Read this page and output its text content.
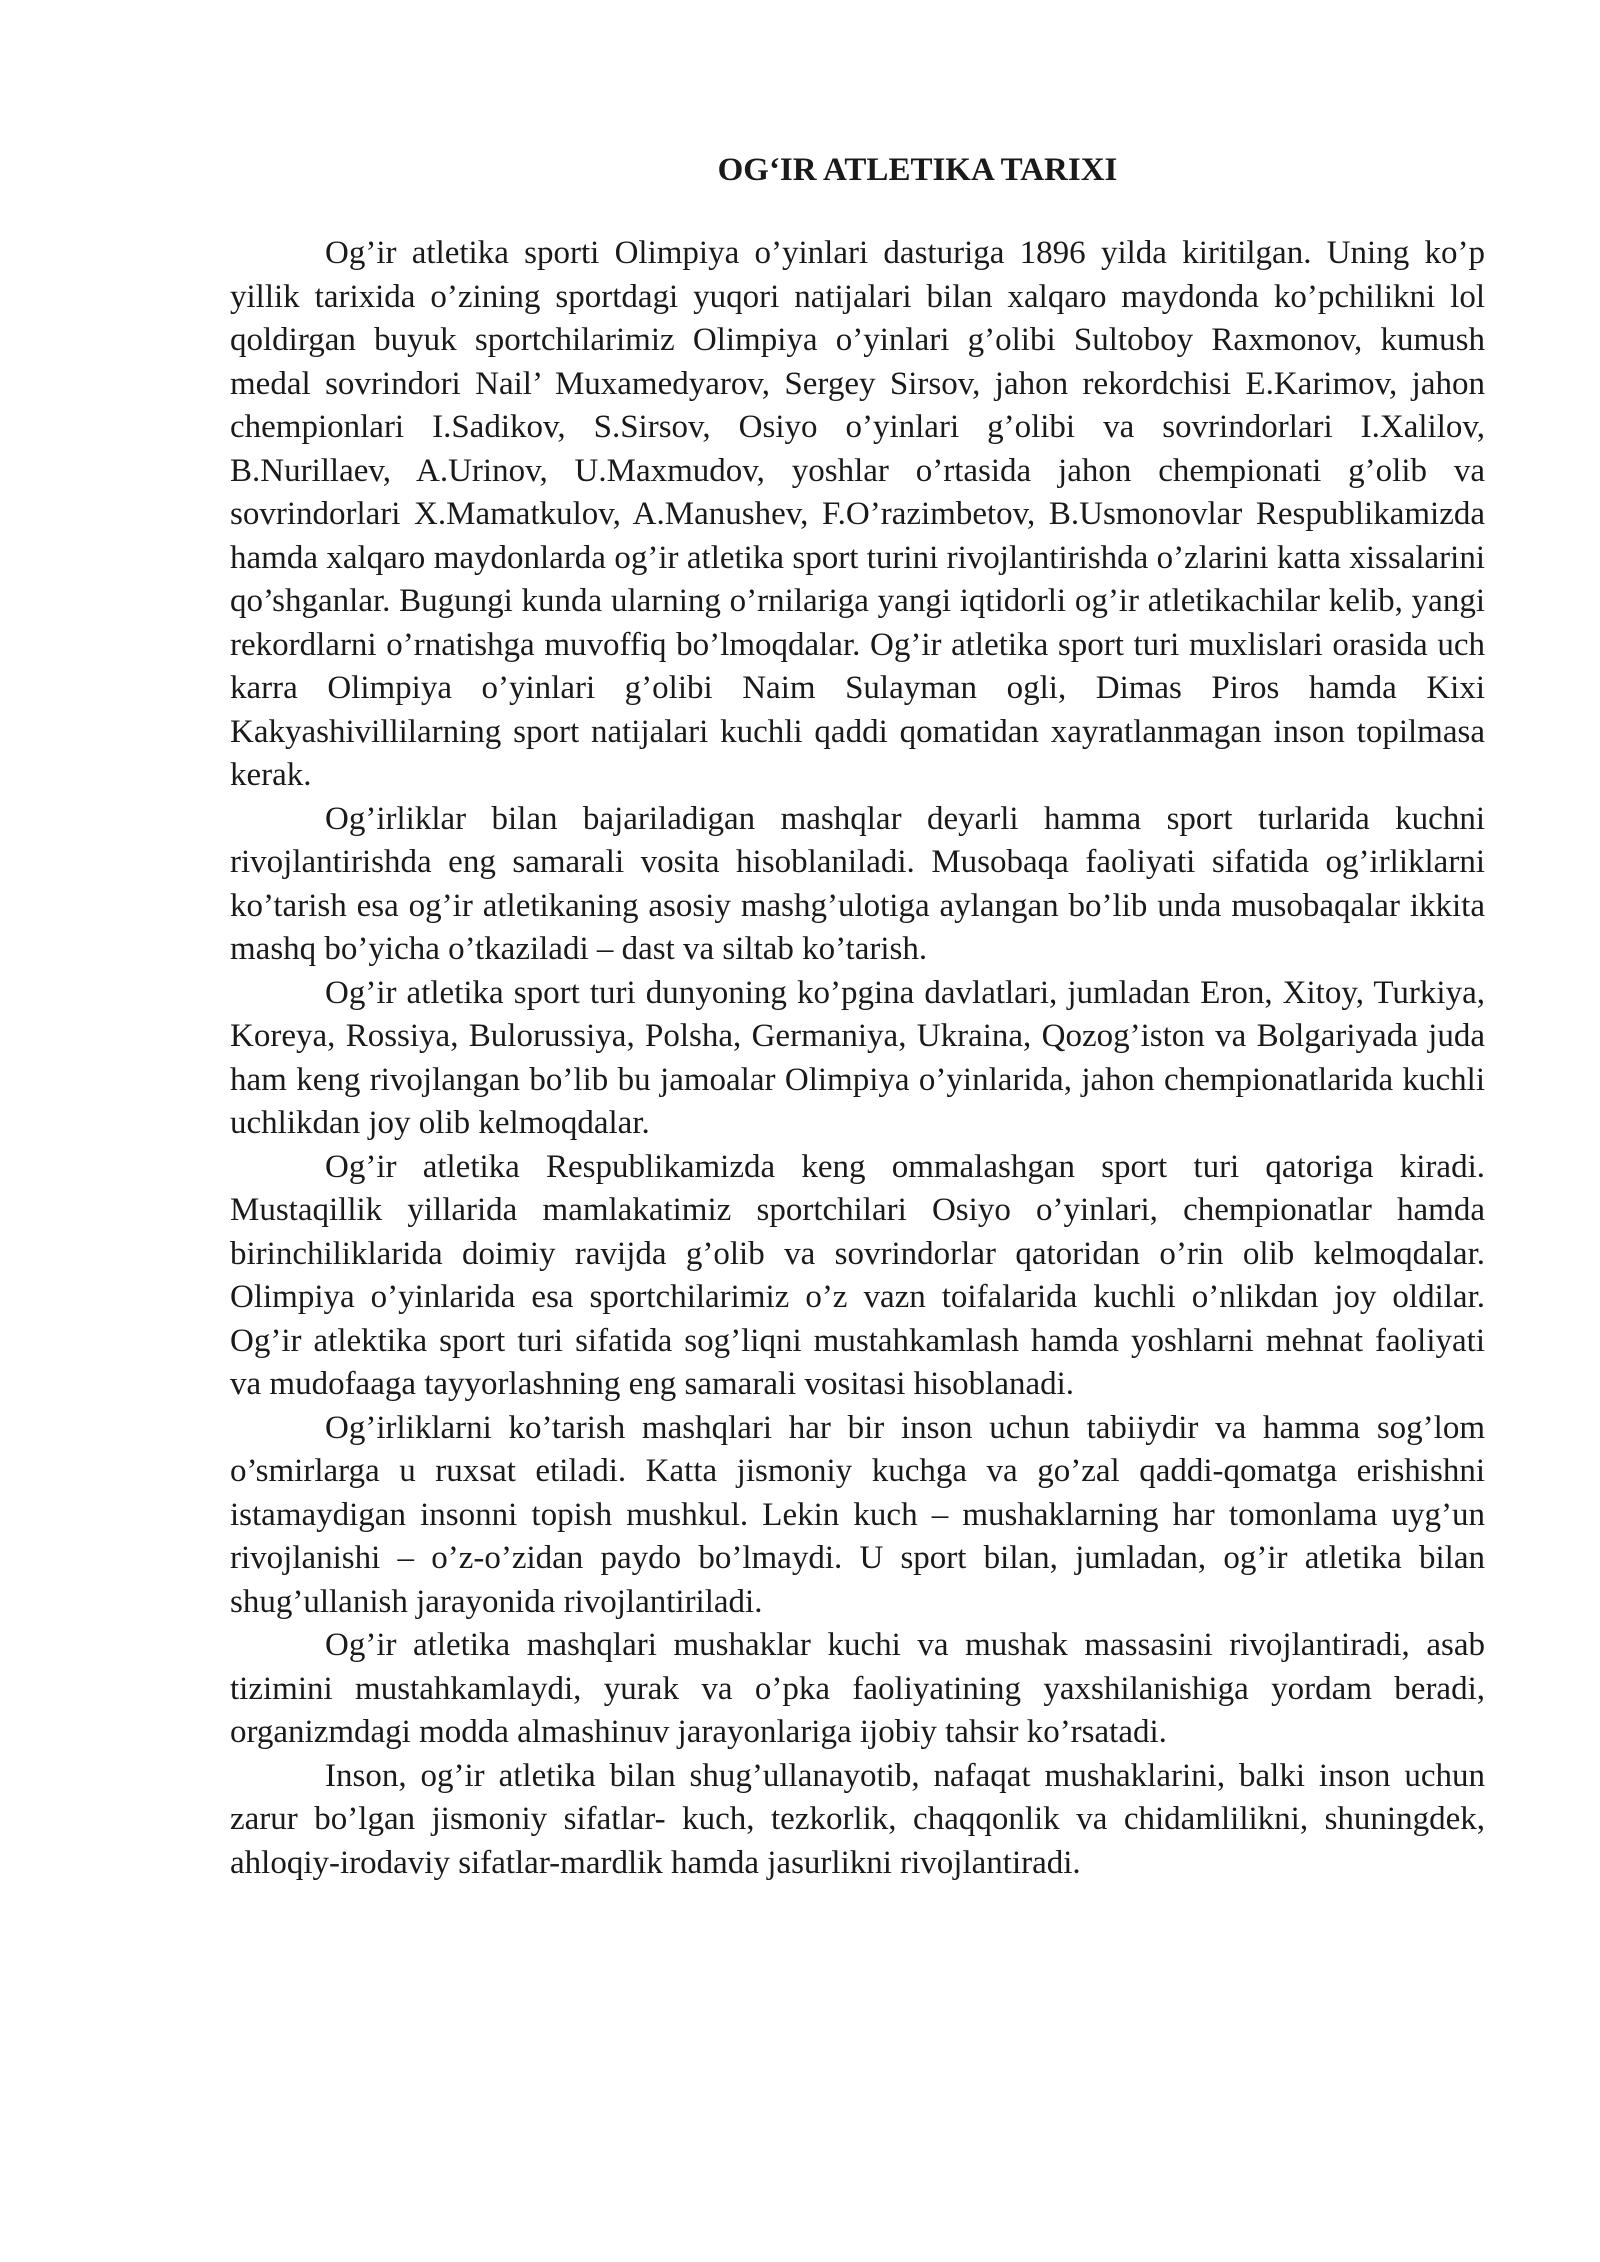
OG‘IR ATLETIKA TARIXI

Og’ir atletika sporti Olimpiya o’yinlari dasturiga 1896 yilda kiritilgan. Uning ko’p yillik tarixida o’zining sportdagi yuqori natijalari bilan xalqaro maydonda ko’pchilikni lol qoldirgan buyuk sportchilarimiz Olimpiya o’yinlari g’olibi Sultoboy Raxmonov, kumush medal sovrindori Nail’ Muxamedyarov, Sergey Sirsov, jahon rekordchisi E.Karimov, jahon chempionlari I.Sadikov, S.Sirsov, Osiyo o’yinlari g’olibi va sovrindorlari I.Xalilov, B.Nurillaev, A.Urinov, U.Maxmudov, yoshlar o’rtasida jahon chempionati g’olib va sovrindorlari X.Mamatkulov, A.Manushev, F.O’razimbetov, B.Usmonovlar Respublikamizda hamda xalqaro maydonlarda og’ir atletika sport turini rivojlantirishda o’zlarini katta xissalarini qo’shganlar. Bugungi kunda ularning o’rnilariga yangi iqtidorli og’ir atletikachilar kelib, yangi rekordlarni o’rnatishga muvoffiq bo’lmoqdalar. Og’ir atletika sport turi muxlislari orasida uch karra Olimpiya o’yinlari g’olibi Naim Sulayman ogli, Dimas Piros hamda Kixi Kakyashivillilarning sport natijalari kuchli qaddi qomatidan xayratlanmagan inson topilmasa kerak.

Og’irliklar bilan bajariladigan mashqlar deyarli hamma sport turlarida kuchni rivojlantirishda eng samarali vosita hisoblaniladi. Musobaqa faoliyati sifatida og’irliklarni ko’tarish esa og’ir atletikaning asosiy mashg’ulotiga aylangan bo’lib unda musobaqalar ikkita mashq bo’yicha o’tkaziladi – dast va siltab ko’tarish.

Og’ir atletika sport turi dunyoning ko’pgina davlatlari, jumladan Eron, Xitoy, Turkiya, Koreya, Rossiya, Bulorussiya, Polsha, Germaniya, Ukraina, Qozog’iston va Bolgariyada juda ham keng rivojlangan bo’lib bu jamoalar Olimpiya o’yinlarida, jahon chempionatlarida kuchli uchlikdan joy olib kelmoqdalar.

Og’ir atletika Respublikamizda keng ommalashgan sport turi qatoriga kiradi. Mustaqillik yillarida mamlakatimiz sportchilari Osiyo o’yinlari, chempionatlar hamda birinchiliklarida doimiy ravijda g’olib va sovrindorlar qatoridan o’rin olib kelmoqdalar. Olimpiya o’yinlarida esa sportchilarimiz o’z vazn toifalarida kuchli o’nlikdan joy oldilar. Og’ir atlektika sport turi sifatida sog’liqni mustahkamlash hamda yoshlarni mehnat faoliyati va mudofaaga tayyorlashning eng samarali vositasi hisoblanadi.

Og’irliklarni ko’tarish mashqlari har bir inson uchun tabiiydir va hamma sog’lom o’smirlarga u ruxsat etiladi. Katta jismoniy kuchga va go’zal qaddi-qomatga erishishni istamaydigan insonni topish mushkul. Lekin kuch – mushaklarning har tomonlama uyg’un rivojlanishi – o’z-o’zidan paydo bo’lmaydi. U sport bilan, jumladan, og’ir atletika bilan shug’ullanish jarayonida rivojlantiriladi.

Og’ir atletika mashqlari mushaklar kuchi va mushak massasini rivojlantiradi, asab tizimini mustahkamlaydi, yurak va o’pka faoliyatining yaxshilanishiga yordam beradi, organizmdagi modda almashinuv jarayonlariga ijobiy tahsir ko’rsatadi.

Inson, og’ir atletika bilan shug’ullanayotib, nafaqat mushaklarini, balki inson uchun zarur bo’lgan jismoniy sifatlar- kuch, tezkorlik, chaqqonlik va chidamlilikni, shuningdek, ahloqiy-irodaviy sifatlar-mardlik hamda jasurlikni rivojlantiradi.
